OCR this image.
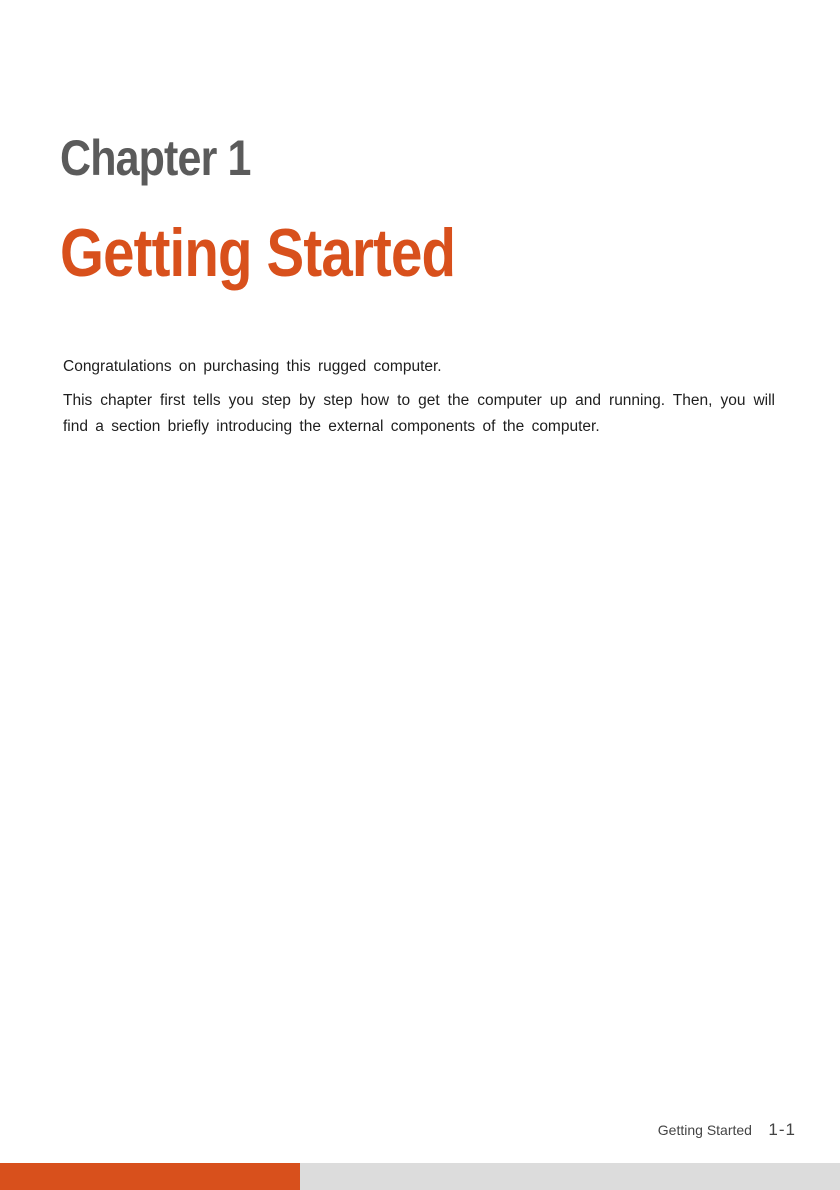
Chapter 1
Getting Started

Congratulations on purchasing this rugged computer.

This chapter first tells you step by step how to get the computer up and running. Then, you will find a section briefly introducing the external components of the computer.

Getting Started 1-1
